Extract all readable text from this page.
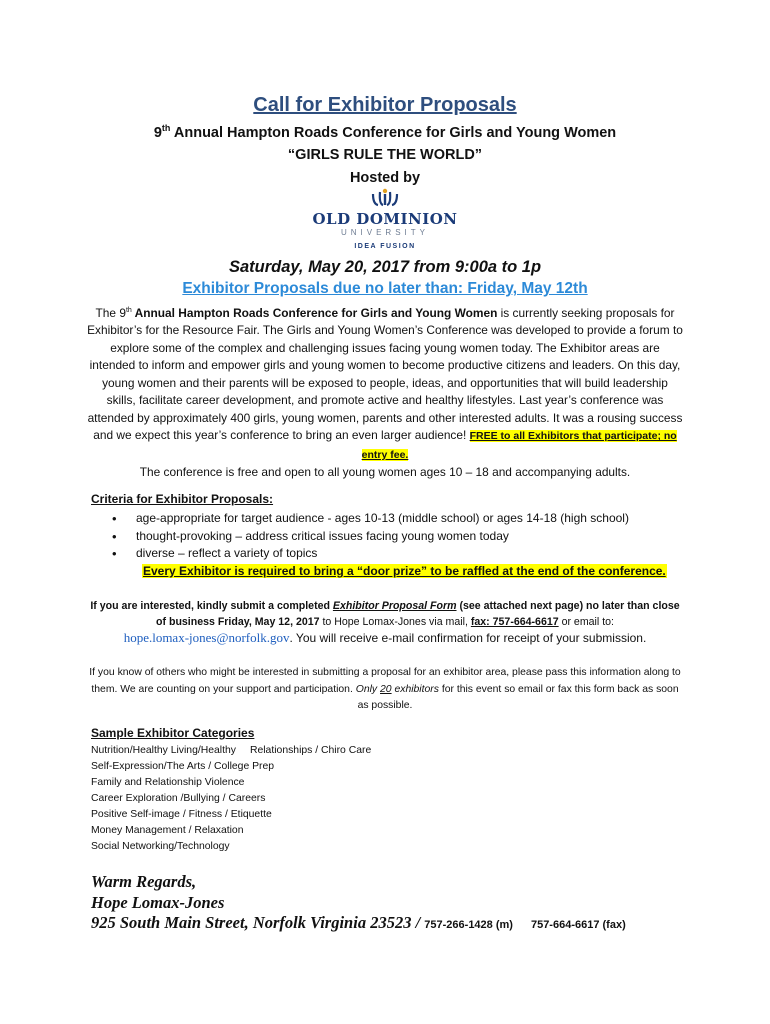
Call for Exhibitor Proposals
9th Annual Hampton Roads Conference for Girls and Young Women
“GIRLS RULE THE WORLD”
Hosted by
OLD DOMINION
UNIVERSITY
IDEA FUSION
Saturday, May 20, 2017 from 9:00a to 1p
Exhibitor Proposals due no later than: Friday, May 12th
The 9th Annual Hampton Roads Conference for Girls and Young Women is currently seeking proposals for Exhibitor’s for the Resource Fair. The Girls and Young Women’s Conference was developed to provide a forum to explore some of the complex and challenging issues facing young women today. The Exhibitor areas are intended to inform and empower girls and young women to become productive citizens and leaders. On this day, young women and their parents will be exposed to people, ideas, and opportunities that will build leadership skills, facilitate career development, and promote active and healthy lifestyles. Last year’s conference was attended by approximately 400 girls, young women, parents and other interested adults. It was a rousing success and we expect this year’s conference to bring an even larger audience! FREE to all Exhibitors that participate; no entry fee.
The conference is free and open to all young women ages 10 – 18 and accompanying adults.
Criteria for Exhibitor Proposals:
• age-appropriate for target audience - ages 10-13 (middle school) or ages 14-18 (high school)
• thought-provoking – address critical issues facing young women today
• diverse – reflect a variety of topics
Every Exhibitor is required to bring a “door prize” to be raffled at the end of the conference.
If you are interested, kindly submit a completed Exhibitor Proposal Form (see attached next page) no later than close of business Friday, May 12, 2017 to Hope Lomax-Jones via mail, fax: 757-664-6617 or email to:
hope.lomax-jones@norfolk.gov. You will receive e-mail confirmation for receipt of your submission.
If you know of others who might be interested in submitting a proposal for an exhibitor area, please pass this information along to them. We are counting on your support and participation. Only 20 exhibitors for this event so email or fax this form back as soon as possible.
Sample Exhibitor Categories
Nutrition/Healthy Living/Healthy Relationships / Chiro Care
Self-Expression/The Arts / College Prep
Family and Relationship Violence
Career Exploration /Bullying / Careers
Positive Self-image / Fitness / Etiquette
Money Management / Relaxation
Social Networking/Technology
Warm Regards,
Hope Lomax-Jones
925 South Main Street, Norfolk Virginia 23523 / 757-266-1428 (m) 757-664-6617 (fax)
